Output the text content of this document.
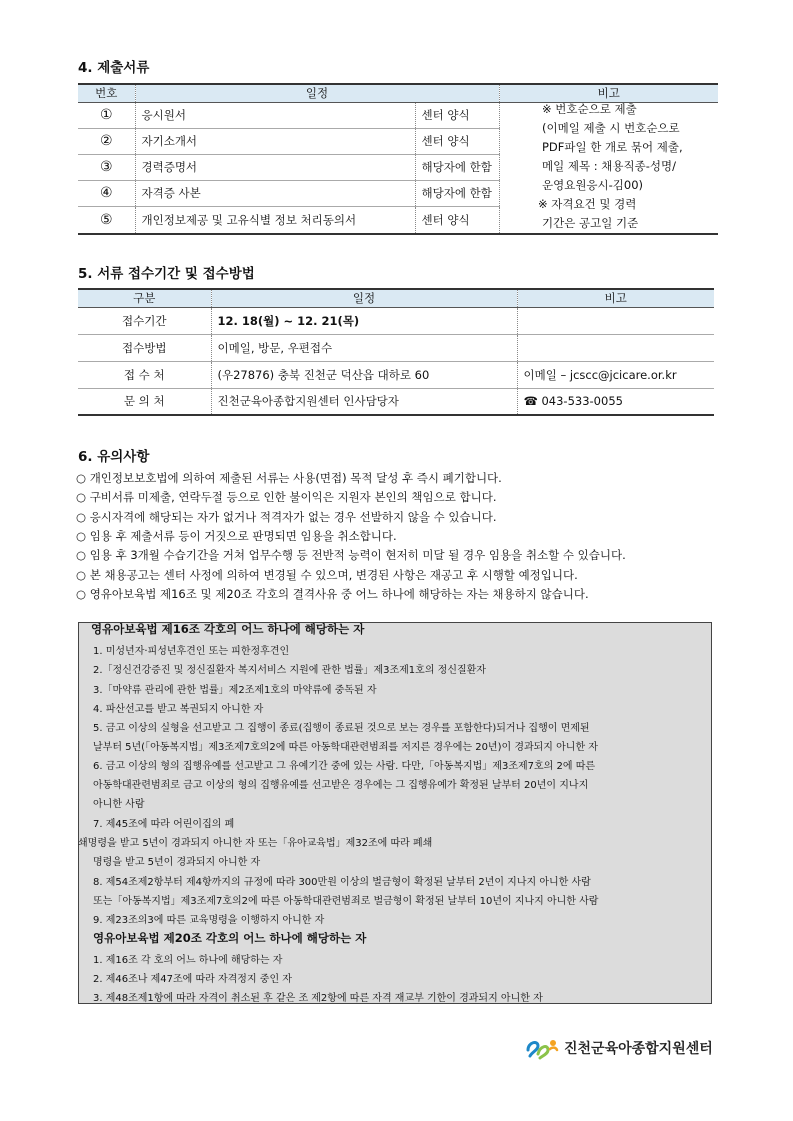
4. 제출서류
번호	일정		비고
①	응시원서	센터 양식	
②	자기소개서	센터 양식	
③	경력증명서	해당자에 한함	
④	자격증 사본	해당자에 한함	
⑤	개인정보제공 및 고유식별 정보 처리동의서	센터 양식	
※ 번호순으로 제출
(이메일 제출 시 번호순으로
PDF파일 한 개로 묶어 제출,
메일 제목 : 채용직종-성명/
운영요원응시-김00)
※ 자격요건 및 경력
기간은 공고일 기준
5. 서류 접수기간 및 접수방법
구분	일정	비고
접수기간	12. 18(월) ~ 12. 21(목)	
접수방법	이메일, 방문, 우편접수	
접 수 처	(우27876) 충북 진천군 덕산읍 대하로 60	이메일 – jcscc@jcicare.or.kr
문 의 처	진천군육아종합지원센터 인사담당자	☎ 043-533-0055
6. 유의사항
○ 개인정보보호법에 의하여 제출된 서류는 사용(면접) 목적 달성 후 즉시 폐기합니다.
○ 구비서류 미제출, 연락두절 등으로 인한 불이익은 지원자 본인의 책임으로 합니다.
○ 응시자격에 해당되는 자가 없거나 적격자가 없는 경우 선발하지 않을 수 있습니다.
○ 임용 후 제출서류 등이 거짓으로 판명되면 임용을 취소합니다.
○ 임용 후 3개월 수습기간을 거쳐 업무수행 등 전반적 능력이 현저히 미달 될 경우 임용을 취소할 수 있습니다.
○ 본 채용공고는 센터 사정에 의하여 변경될 수 있으며, 변경된 사항은 재공고 후 시행할 예정입니다.
○ 영유아보육법 제16조 및 제20조 각호의 결격사유 중 어느 하나에 해당하는 자는 채용하지 않습니다.
영유아보육법 제16조 각호의 어느 하나에 해당하는 자
1. 미성년자·피성년후견인 또는 피한정후견인
2.「정신건강증진 및 정신질환자 복지서비스 지원에 관한 법률」제3조제1호의 정신질환자
3.「마약류 관리에 관한 법률」제2조제1호의 마약류에 중독된 자
4. 파산선고를 받고 복권되지 아니한 자
5. 금고 이상의 실형을 선고받고 그 집행이 종료(집행이 종료된 것으로 보는 경우를 포함한다)되거나 집행이 면제된
날부터 5년(「아동복지법」제3조제7호의2에 따른 아동학대관련범죄를 저지른 경우에는 20년)이 경과되지 아니한 자
6. 금고 이상의 형의 집행유예를 선고받고 그 유예기간 중에 있는 사람. 다만,「아동복지법」제3조제7호의 2에 따른
아동학대관련범죄로 금고 이상의 형의 집행유예를 선고받은 경우에는 그 집행유예가 확정된 날부터 20년이 지나지
아니한 사람
7. 제45조에 따라 어린이집의 폐
쇄명령을 받고 5년이 경과되지 아니한 자 또는「유아교육법」제32조에 따라 폐쇄
명령을 받고 5년이 경과되지 아니한 자
8. 제54조제2항부터 제4항까지의 규정에 따라 300만원 이상의 벌금형이 확정된 날부터 2년이 지나지 아니한 사람
또는「아동복지법」제3조제7호의2에 따른 아동학대관련범죄로 벌금형이 확정된 날부터 10년이 지나지 아니한 사람
9. 제23조의3에 따른 교육명령을 이행하지 아니한 자
영유아보육법 제20조 각호의 어느 하나에 해당하는 자
1. 제16조 각 호의 어느 하나에 해당하는 자
2. 제46조나 제47조에 따라 자격정지 중인 자
3. 제48조제1항에 따라 자격이 취소된 후 같은 조 제2항에 따른 자격 재교부 기한이 경과되지 아니한 자
진천군육아종합지원센터
